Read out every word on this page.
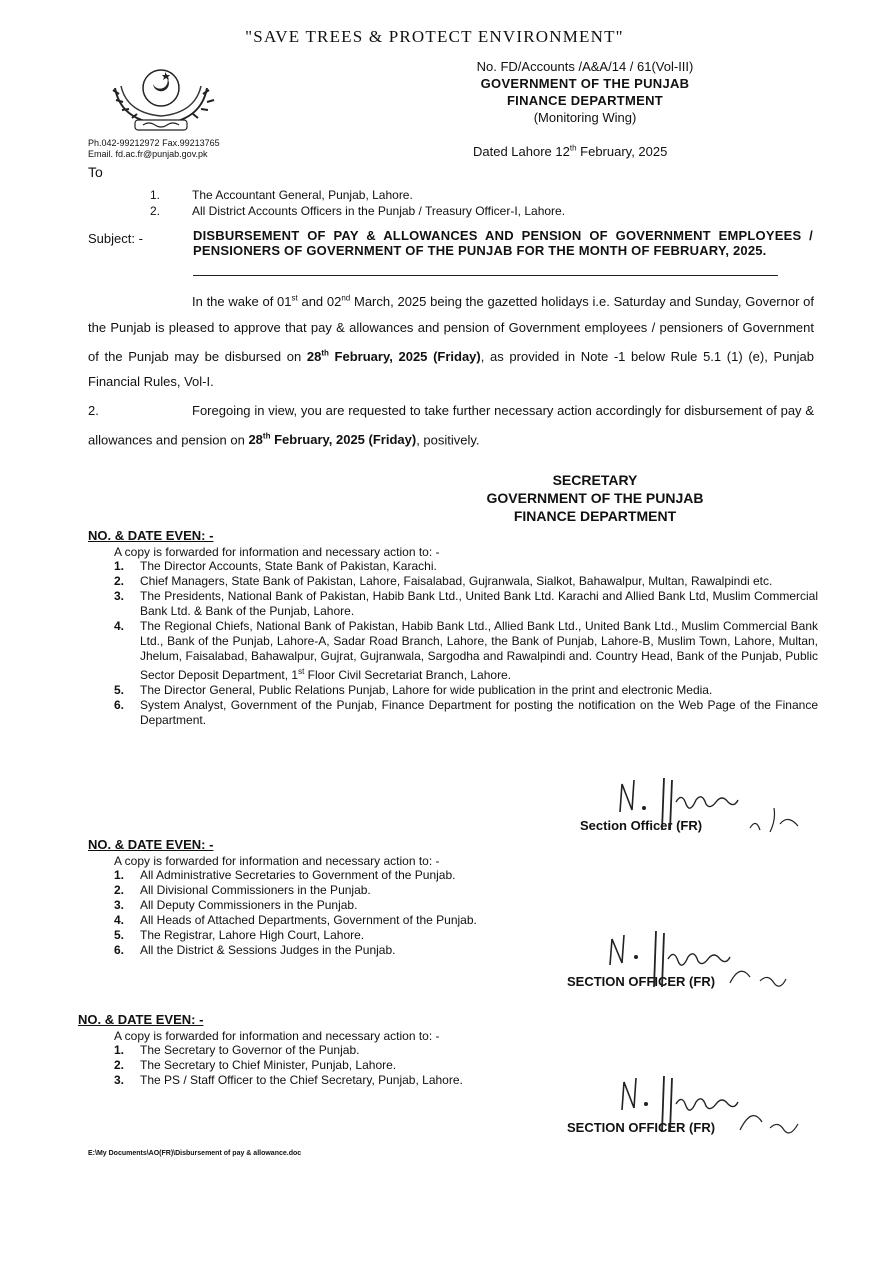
"SAVE TREES & PROTECT ENVIRONMENT"
Ph.042-99212972 Fax.99213765
Email. fd.ac.fr@punjab.gov.pk
No. FD/Accounts /A&A/14 / 61(Vol-III)
GOVERNMENT OF THE PUNJAB
FINANCE DEPARTMENT
(Monitoring Wing)
Dated Lahore 12th February, 2025
To
1.	The Accountant General, Punjab, Lahore.
2.	All District Accounts Officers in the Punjab / Treasury Officer-I, Lahore.
Subject: -	DISBURSEMENT OF PAY & ALLOWANCES AND PENSION OF GOVERNMENT EMPLOYEES / PENSIONERS OF GOVERNMENT OF THE PUNJAB FOR THE MONTH OF FEBRUARY, 2025.
In the wake of 01st and 02nd March, 2025 being the gazetted holidays i.e. Saturday and Sunday, Governor of the Punjab is pleased to approve that pay & allowances and pension of Government employees / pensioners of Government of the Punjab may be disbursed on 28th February, 2025 (Friday), as provided in Note -1 below Rule 5.1 (1) (e), Punjab Financial Rules, Vol-I.
2.	Foregoing in view, you are requested to take further necessary action accordingly for disbursement of pay & allowances and pension on 28th February, 2025 (Friday), positively.
SECRETARY
GOVERNMENT OF THE PUNJAB
FINANCE DEPARTMENT
NO. & DATE EVEN: -
A copy is forwarded for information and necessary action to: -
1.	The Director Accounts, State Bank of Pakistan, Karachi.
2.	Chief Managers, State Bank of Pakistan, Lahore, Faisalabad, Gujranwala, Sialkot, Bahawalpur, Multan, Rawalpindi etc.
3.	The Presidents, National Bank of Pakistan, Habib Bank Ltd., United Bank Ltd. Karachi and Allied Bank Ltd, Muslim Commercial Bank Ltd. & Bank of the Punjab, Lahore.
4.	The Regional Chiefs, National Bank of Pakistan, Habib Bank Ltd., Allied Bank Ltd., United Bank Ltd., Muslim Commercial Bank Ltd., Bank of the Punjab, Lahore-A, Sadar Road Branch, Lahore, the Bank of Punjab, Lahore-B, Muslim Town, Lahore, Multan, Jhelum, Faisalabad, Bahawalpur, Gujrat, Gujranwala, Sargodha and Rawalpindi and. Country Head, Bank of the Punjab, Public Sector Deposit Department, 1st Floor Civil Secretariat Branch, Lahore.
5.	The Director General, Public Relations Punjab, Lahore for wide publication in the print and electronic Media.
6.	System Analyst, Government of the Punjab, Finance Department for posting the notification on the Web Page of the Finance Department.
Section Officer (FR)
NO. & DATE EVEN: -
A copy is forwarded for information and necessary action to: -
1.	All Administrative Secretaries to Government of the Punjab.
2.	All Divisional Commissioners in the Punjab.
3.	All Deputy Commissioners in the Punjab.
4.	All Heads of Attached Departments, Government of the Punjab.
5.	The Registrar, Lahore High Court, Lahore.
6.	All the District & Sessions Judges in the Punjab.
SECTION OFFICER (FR)
NO. & DATE EVEN: -
A copy is forwarded for information and necessary action to: -
1.	The Secretary to Governor of the Punjab.
2.	The Secretary to Chief Minister, Punjab, Lahore.
3.	The PS / Staff Officer to the Chief Secretary, Punjab, Lahore.
SECTION OFFICER (FR)
E:\My Documents\AO(FR)\Disbursement of pay & allowance.doc
